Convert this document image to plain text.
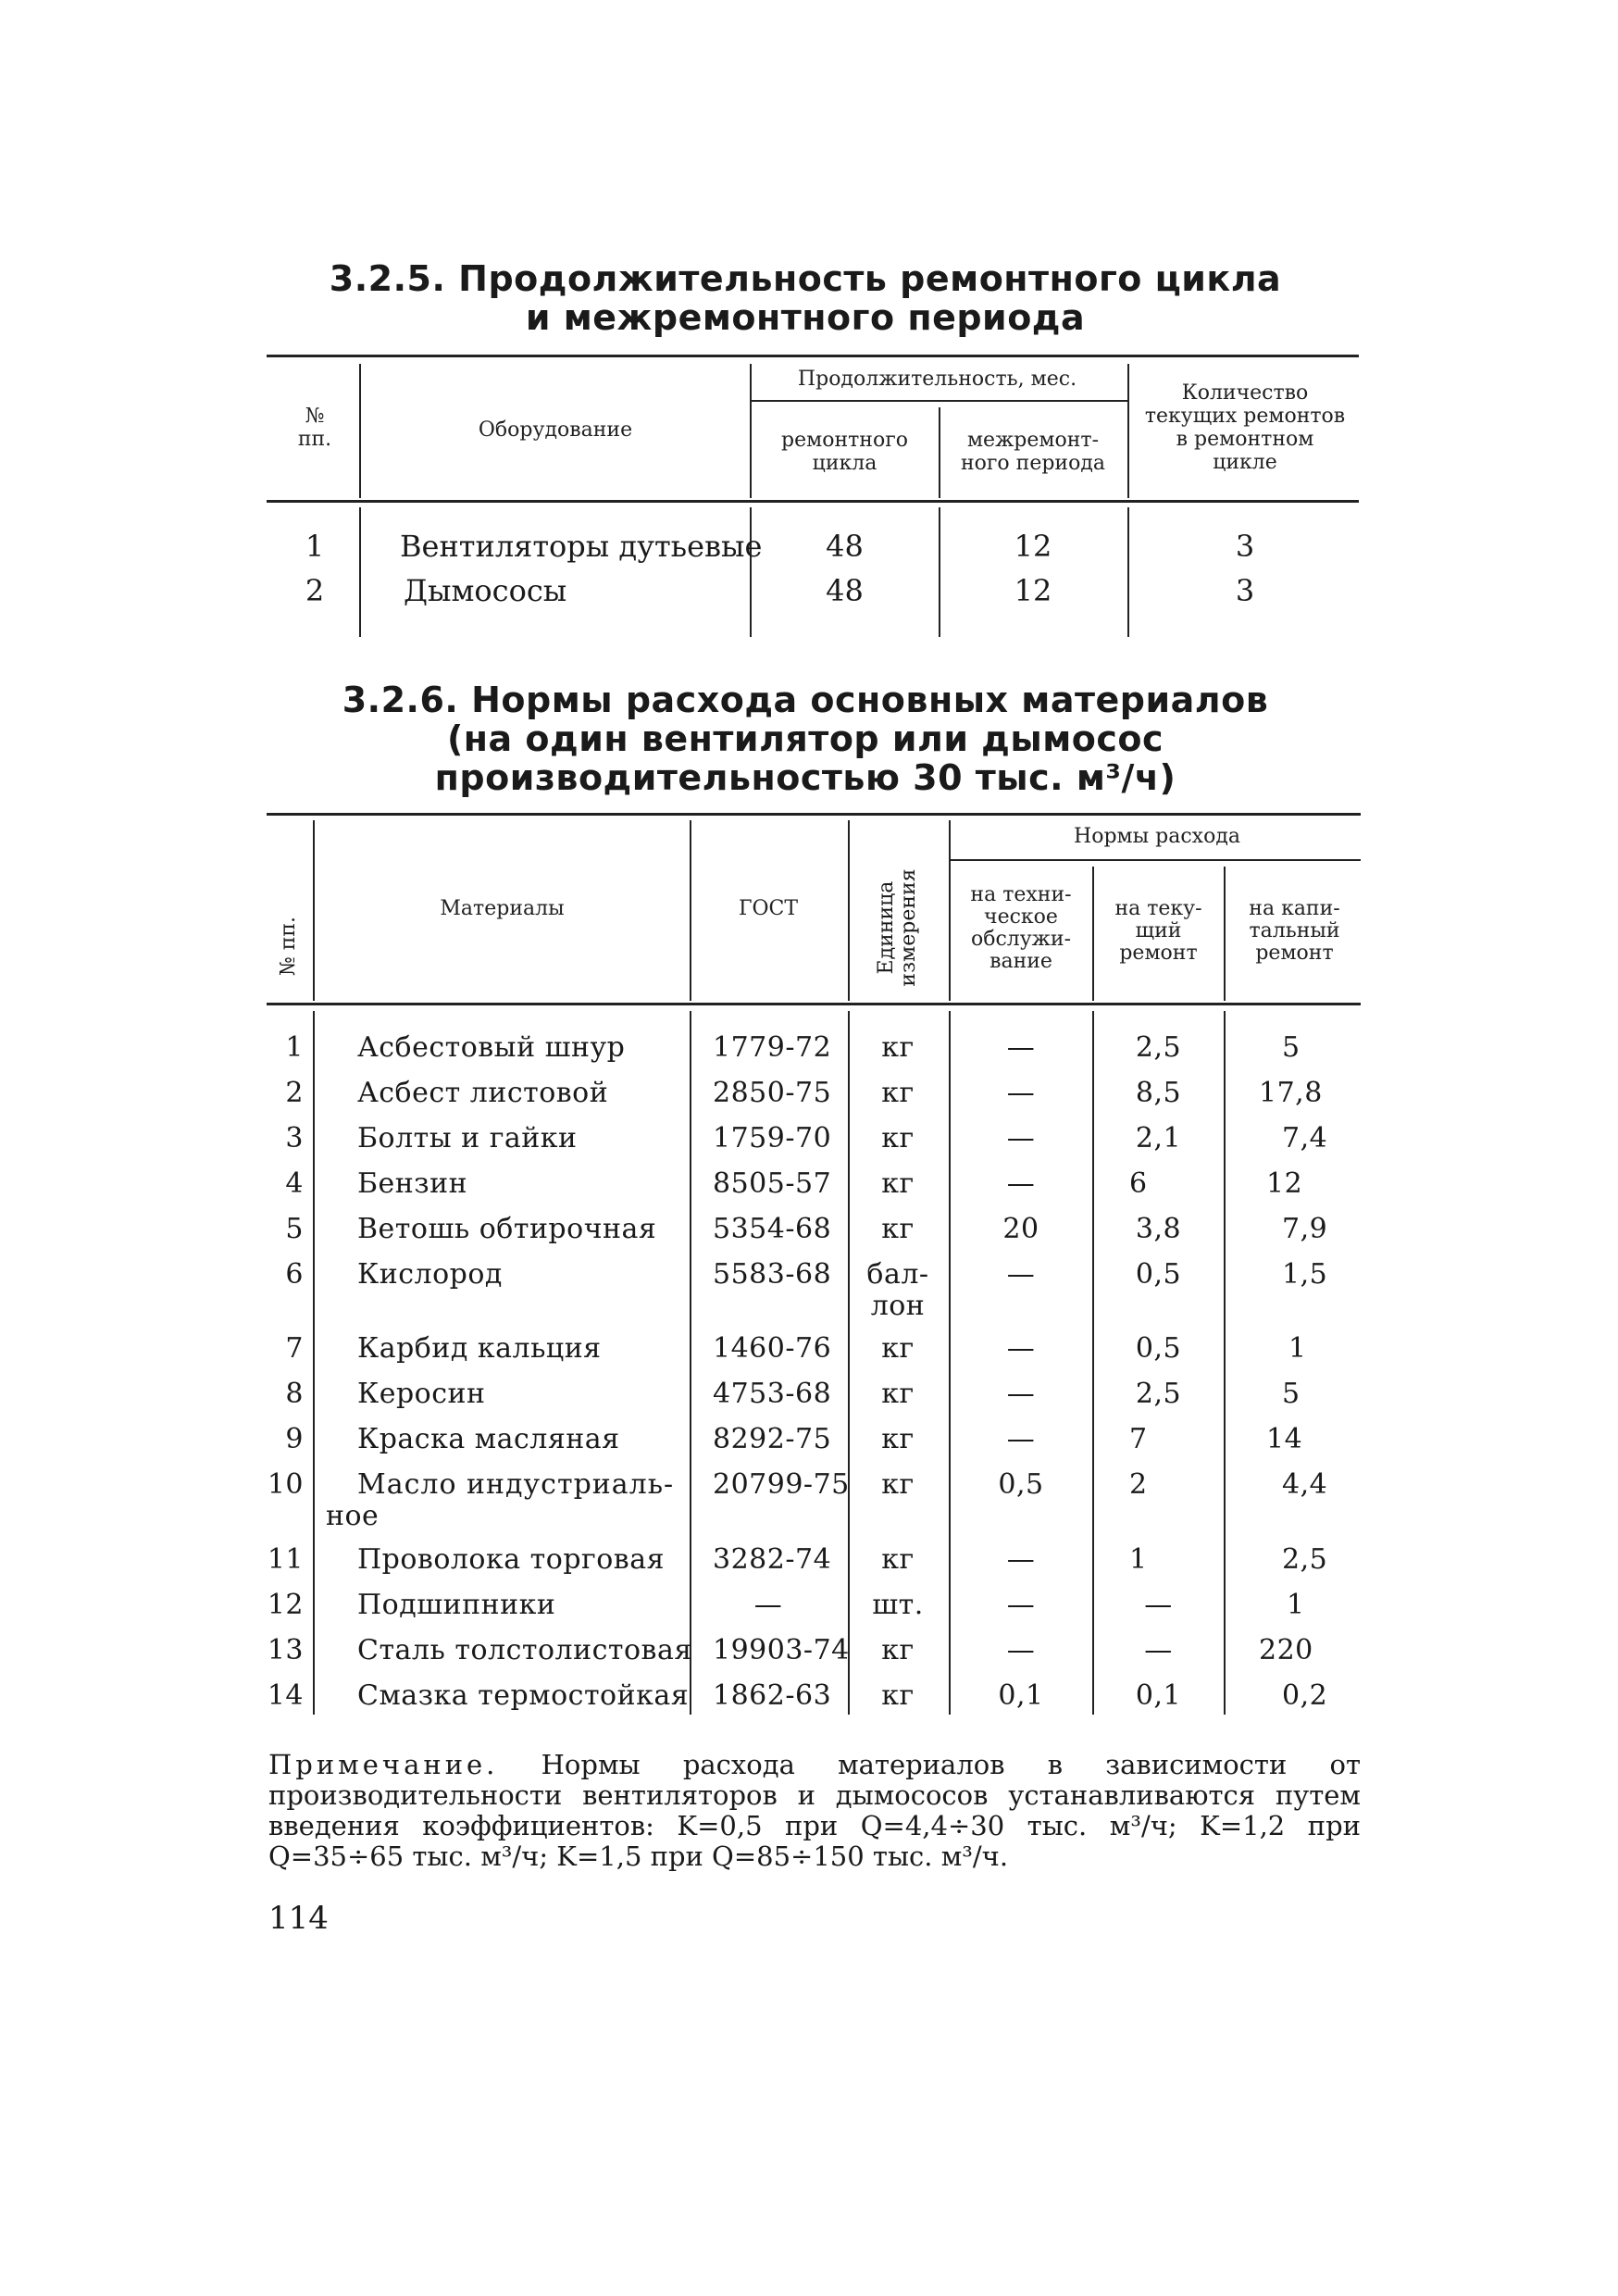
3.2.5. Продолжительность ремонтного цикла
и межремонтного периода
№
пп.	Оборудование
Продолжительность, мес.
ремонтного
цикла
межремонт-
ного периода
Количество
текущих ремонтов
в ремонтном
цикле
1	Вентиляторы дутьевые	48	12	3
2	Дымососы	48	12	3
3.2.6. Нормы расхода основных материалов
(на один вентилятор или дымосос
производительностью 30 тыс. м³/ч)
№ пп.
Материалы	ГОСТ	Единица измерения
Нормы расхода
на техни-
ческое
обслужи-
вание
на теку-
щий
ремонт
на капи-
тальный
ремонт
1 Асбестовый шнур	1779-72	кг	—	2,5	5
2 Асбест листовой	2850-75	кг	—	8,5	17,8
3 Болты и гайки	1759-70	кг	—	2,1	7,4
4 Бензин	8505-57	кг	—	6	12
5 Ветошь обтирочная 5354-68	кг	20	3,8	7,9
6 Кислород	5583-68	бал-
лон
—	0,5	1,5
7 Карбид кальция	1460-76	кг	—	0,5	1
8 Керосин	4753-68	кг	—	2,5	5
9 Краска масляная	8292-75	кг	—	7	14
10	Масло индустриаль-
ное
20799-75	кг	0,5	2	4,4
11 Проволока торговая 3282-74	кг	—	1	2,5
12 Подшипники	—	шт.	—	—	1
13 Сталь толстолистовая 19903-74	кг	—	—	220
14 Смазка термостойкая 1862-63	кг	0,1	0,1	0,2
Примечание. Нормы расхода материалов в зависимости от производительности вентиляторов и дымососов устанавливаются путем введения коэффициентов: K=0,5 при Q=4,4÷30 тыс. м³/ч; K=1,2 при Q=35÷65 тыс. м³/ч; K=1,5 при Q=85÷150 тыс. м³/ч.
114
